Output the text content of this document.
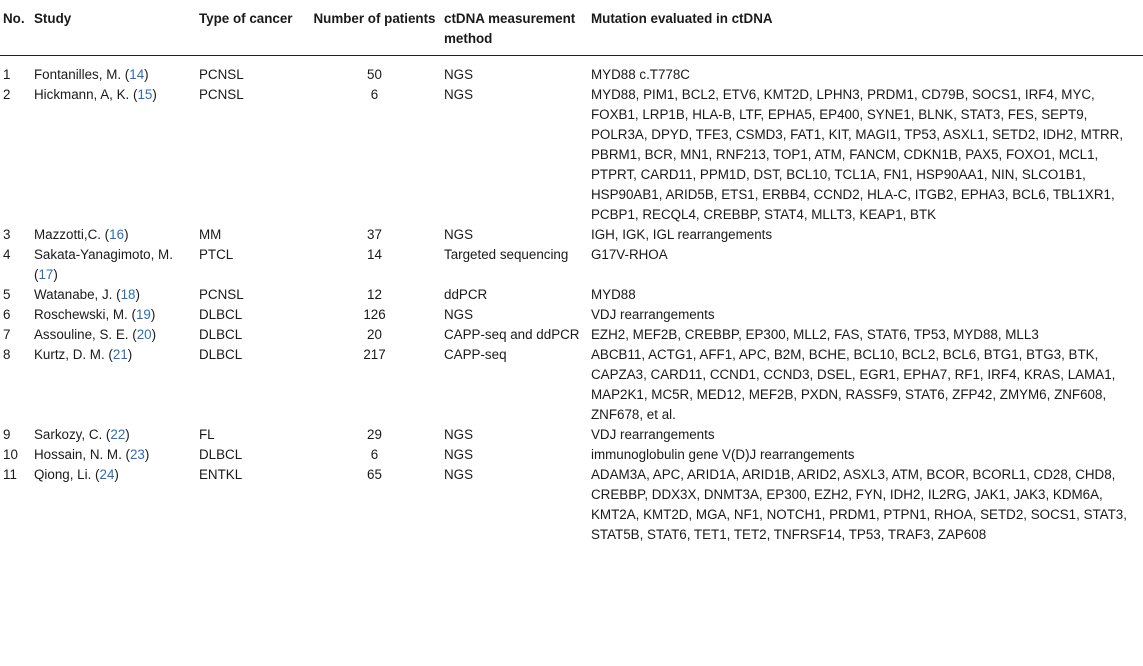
No.	Study	Type of cancer	Number of patients	ctDNA measurement method	Mutation evaluated in ctDNA
1	Fontanilles, M. (14)	PCNSL	50	NGS	MYD88 c.T778C
2	Hickmann, A, K. (15)	PCNSL	6	NGS	MYD88, PIM1, BCL2, ETV6, KMT2D, LPHN3, PRDM1, CD79B, SOCS1, IRF4, MYC, FOXB1, LRP1B, HLA-B, LTF, EPHA5, EP400, SYNE1, BLNK, STAT3, FES, SEPT9, POLR3A, DPYD, TFE3, CSMD3, FAT1, KIT, MAGI1, TP53, ASXL1, SETD2, IDH2, MTRR, PBRM1, BCR, MN1, RNF213, TOP1, ATM, FANCM, CDKN1B, PAX5, FOXO1, MCL1, PTPRT, CARD11, PPM1D, DST, BCL10, TCL1A, FN1, HSP90AA1, NIN, SLCO1B1, HSP90AB1, ARID5B, ETS1, ERBB4, CCND2, HLA-C, ITGB2, EPHA3, BCL6, TBL1XR1, PCBP1, RECQL4, CREBBP, STAT4, MLLT3, KEAP1, BTK
3	Mazzotti,C. (16)	MM	37	NGS	IGH, IGK, IGL rearrangements
4	Sakata-Yanagimoto, M. (17)	PTCL	14	Targeted sequencing	G17V-RHOA
5	Watanabe, J. (18)	PCNSL	12	ddPCR	MYD88
6	Roschewski, M. (19)	DLBCL	126	NGS	VDJ rearrangements
7	Assouline, S. E. (20)	DLBCL	20	CAPP-seq and ddPCR	EZH2, MEF2B, CREBBP, EP300, MLL2, FAS, STAT6, TP53, MYD88, MLL3
8	Kurtz, D. M. (21)	DLBCL	217	CAPP-seq	ABCB11, ACTG1, AFF1, APC, B2M, BCHE, BCL10, BCL2, BCL6, BTG1, BTG3, BTK, CAPZA3, CARD11, CCND1, CCND3, DSEL, EGR1, EPHA7, RF1, IRF4, KRAS, LAMA1, MAP2K1, MC5R, MED12, MEF2B, PXDN, RASSF9, STAT6, ZFP42, ZMYM6, ZNF608, ZNF678, et al.
9	Sarkozy, C. (22)	FL	29	NGS	VDJ rearrangements
10	Hossain, N. M. (23)	DLBCL	6	NGS	immunoglobulin gene V(D)J rearrangements
11	Qiong, Li. (24)	ENTKL	65	NGS	ADAM3A, APC, ARID1A, ARID1B, ARID2, ASXL3, ATM, BCOR, BCORL1, CD28, CHD8, CREBBP, DDX3X, DNMT3A, EP300, EZH2, FYN, IDH2, IL2RG, JAK1, JAK3, KDM6A, KMT2A, KMT2D, MGA, NF1, NOTCH1, PRDM1, PTPN1, RHOA, SETD2, SOCS1, STAT3, STAT5B, STAT6, TET1, TET2, TNFRSF14, TP53, TRAF3, ZAP608
